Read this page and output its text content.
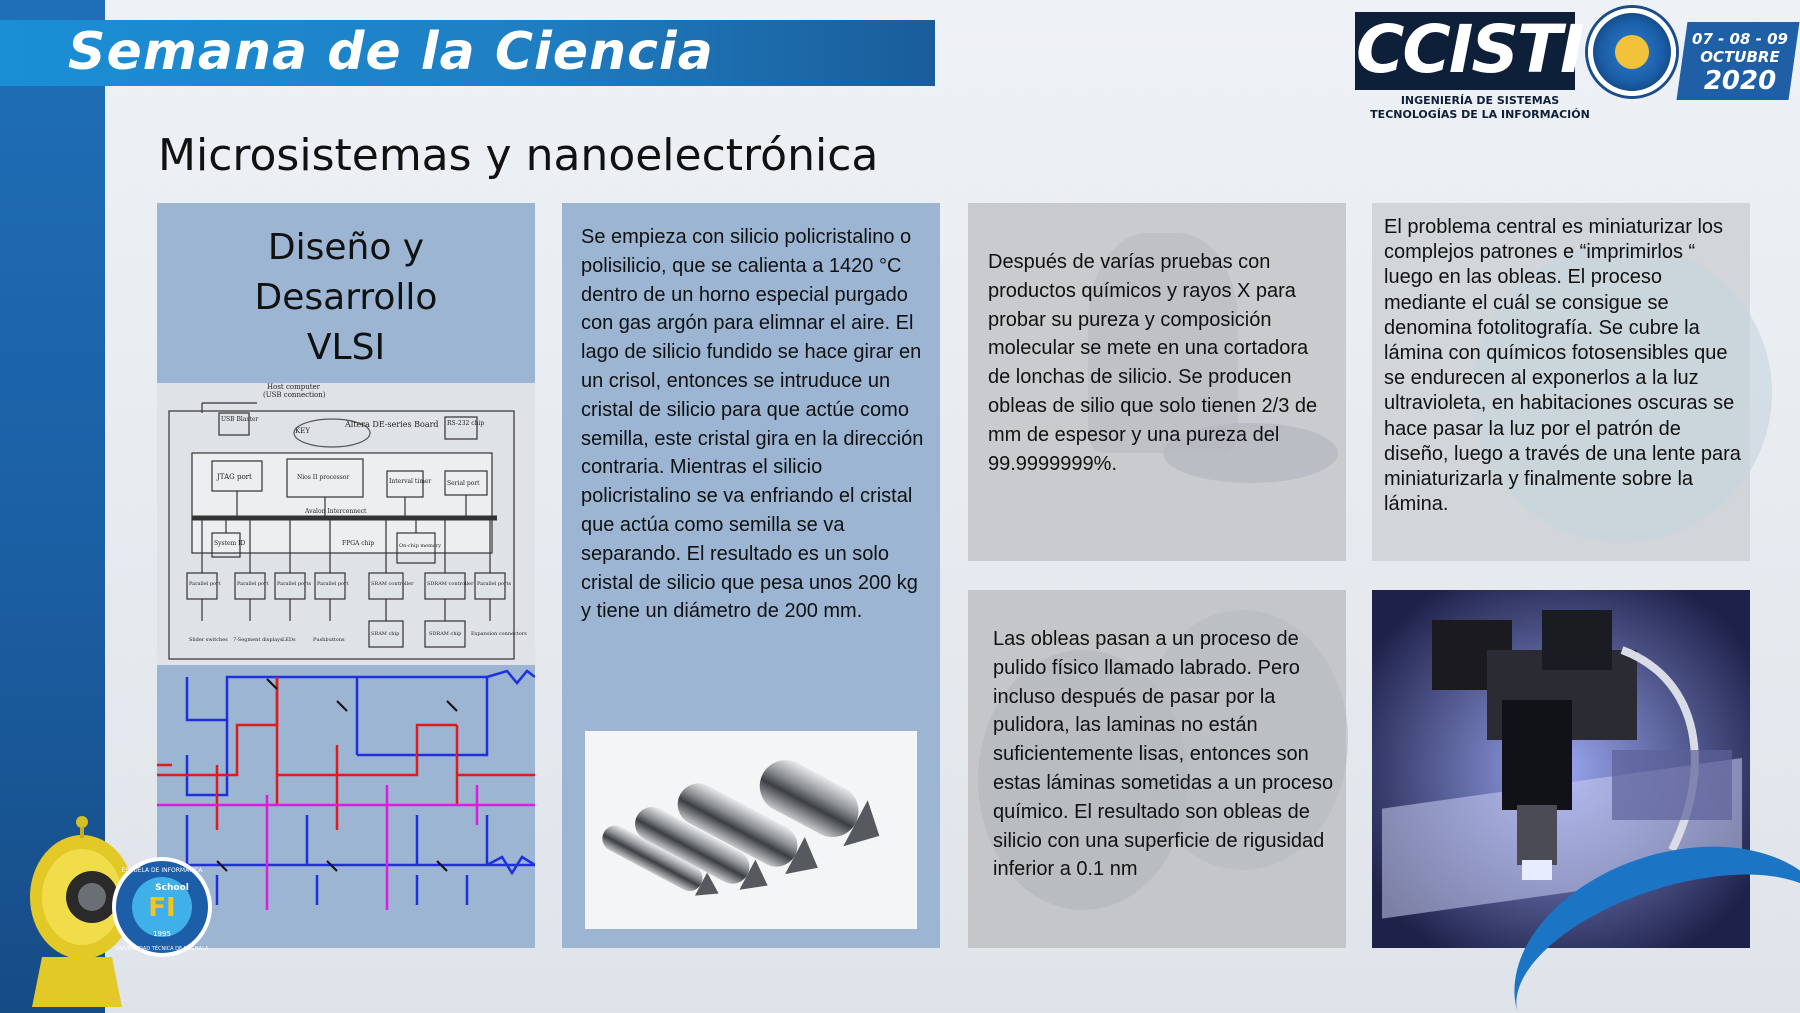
Semana de la Ciencia	CCISTI	07 - 08 - 09
OCTUBRE
2020
INGENIERÍA DE SISTEMAS
TECNOLOGÍAS DE LA INFORMACIÓN
Microsistemas y nanoelectrónica
Diseño y
Desarrollo
VLSI
Host computer
(USB connection)
USB Blaster
KEY
Altera DE-series Board RS-232 chip
JTAG port	Nios II processor
Interval timer	Serial port
Avalon Interconnect
System ID	FPGA chip	On-chip memory
Parallel port	Parallel port Parallel ports Parallel port	SRAM controller	SDRAM controller Parallel ports
Slider switches 7-Segment displays LEDs	Pushbuttons
SRAM chip	SDRAM chip Expansion connectors
Se empieza con silicio policristalino o polisilicio, que se calienta a 1420 °C dentro de un horno especial purgado con gas argón para elimnar el aire. El lago de silicio fundido se hace girar en un crisol, entonces se intruduce un cristal de silicio para que actúe como semilla, este cristal gira en la dirección contraria. Mientras el silicio policristalino se va enfriando el cristal que actúa como semilla se va separando. El resultado es un solo cristal de silicio que pesa unos 200 kg y tiene un diámetro de 200 mm.
Después de varías pruebas con productos químicos y rayos X para probar su pureza y composición molecular se mete en una cortadora de lonchas de silicio. Se producen obleas de silio que solo tienen 2/3 de mm de espesor y una pureza del 99.9999999%.
El problema central es miniaturizar los complejos patrones e “imprimirlos “ luego en las obleas. El proceso mediante el cuál se consigue se denomina fotolitografía. Se cubre la lámina con químicos fotosensibles que se endurecen al exponerlos a la luz ultravioleta, en habitaciones oscuras se hace pasar la luz por el patrón de diseño, luego a través de una lente para miniaturizarla y finalmente sobre la lámina.
Las obleas pasan a un proceso de pulido físico llamado labrado. Pero incluso después de pasar por la pulidora, las laminas no están suficientemente lisas, entonces son estas láminas sometidas a un proceso químico. El resultado son obleas de silicio con una superficie de rigusidad inferior a 0.1 nm
FI
School
1995
ESCUELA DE INFORMÁTICA
UNIVERSIDAD TÉCNICA DE MACHALA
